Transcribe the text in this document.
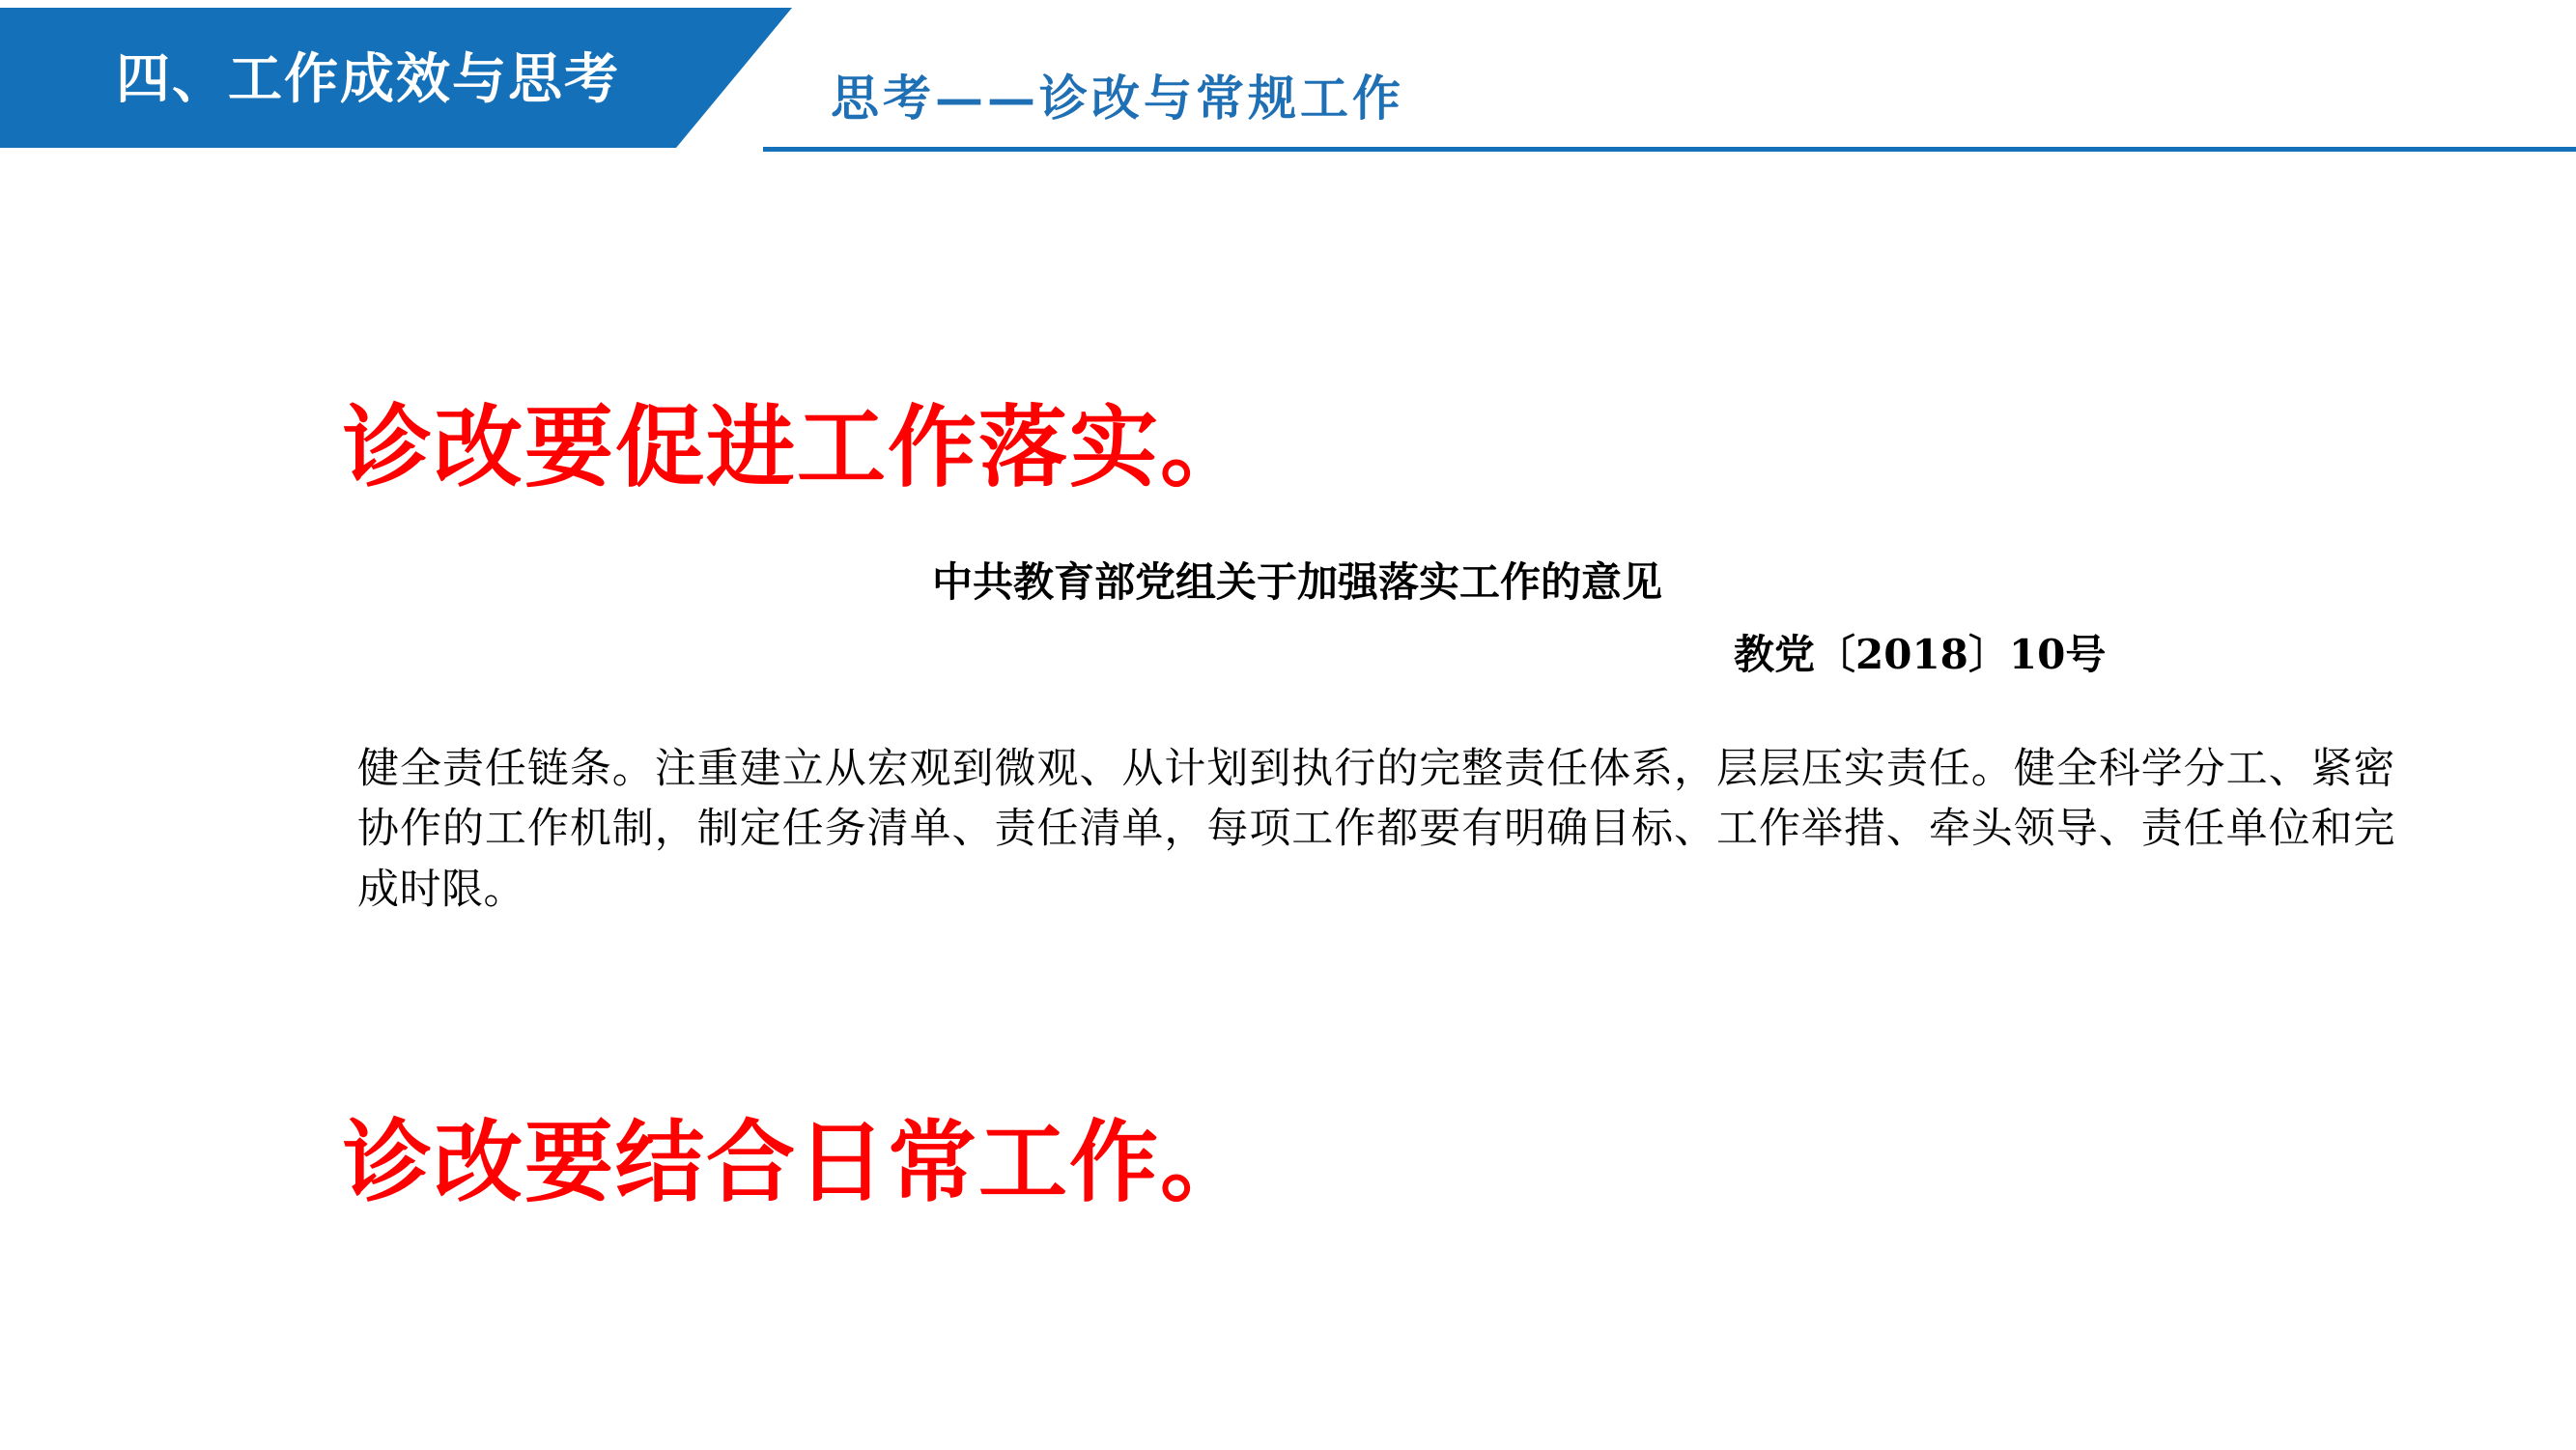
四、工作成效与思考	思考——诊改与常规工作
诊改要促进工作落实。
中共教育部党组关于加强落实工作的意见
教党〔2018〕10号
健全责任链条。注重建立从宏观到微观、从计划到执行的完整责任体系，层层压实责任。健全科学分工、紧密协作的工作机制，制定任务清单、责任清单，每项工作都要有明确目标、工作举措、牵头领导、责任单位和完成时限。
诊改要结合日常工作。
